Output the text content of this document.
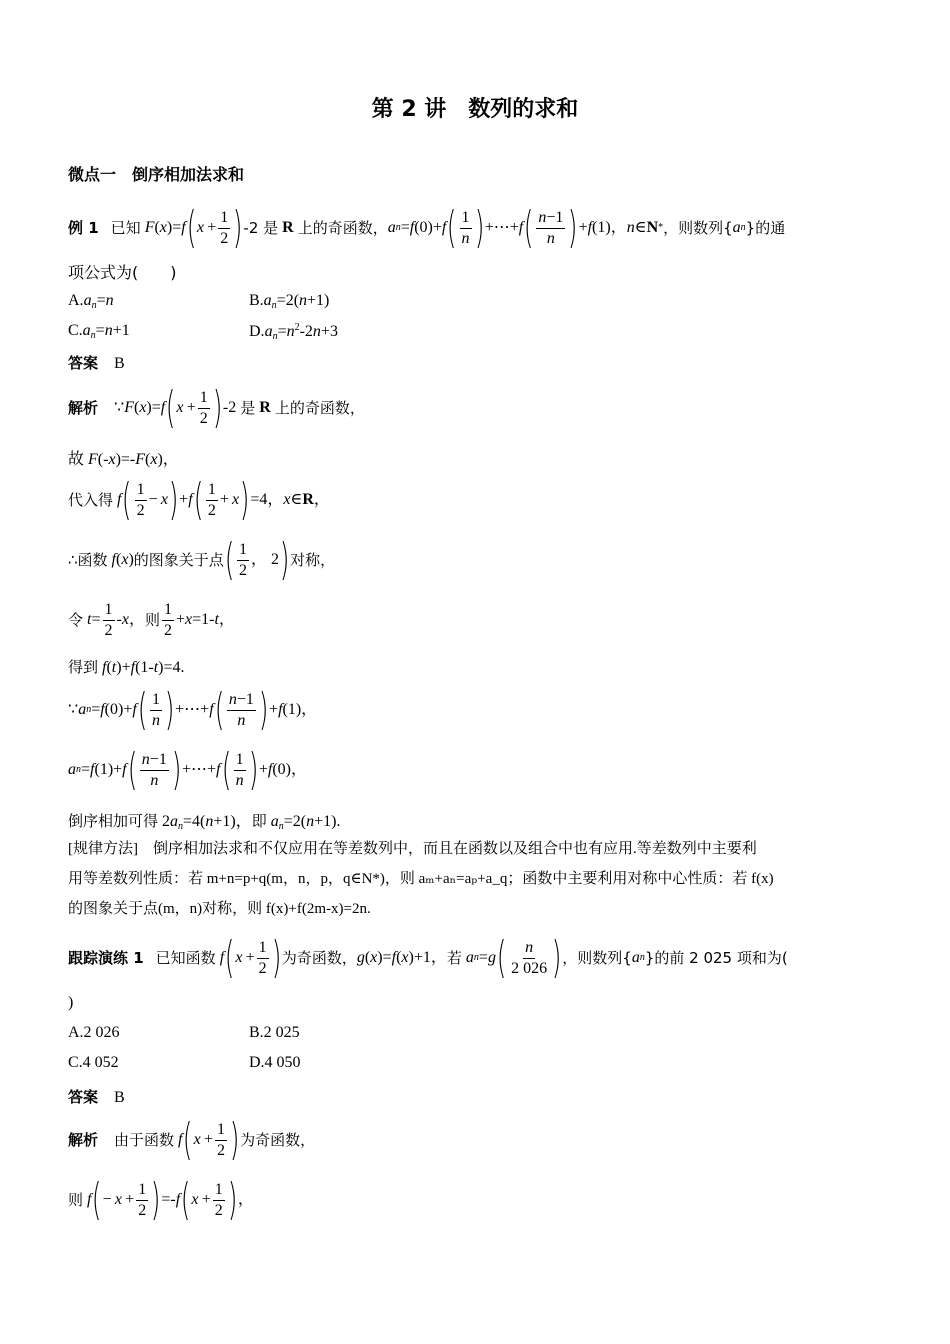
第 2 讲　数列的求和
微点一　倒序相加法求和
例 1 已知
F ( x )= f ( $x + \frac{1}{2}$ ) -2 是
R
上的奇函数， a n = f (0)+ f ( $\frac{1}{n}$ ) +⋯+ f ( $\frac{n-1}{n}$ ) + f (1)， n ∈ N * ，则数列{ a n }的通
项公式为(　　)
$A.a_n=n$	$B.a_n=2(n+1)$
$C.a_n=n+1$	$D.a_n=n^2-2n+3$
答案 B
解析 ∵ F ( x )= f ( $x + \frac{1}{2}$ ) -2 是
R
上的奇函数，
故 F(-x)=-F(x)，
代入得
f ( $\frac{1}{2} - x$ ) + f ( $\frac{1}{2} + x$ ) =4， x ∈ R ，
∴函数
f ( x ) 的图象关于点 ( $\frac{1}{2}$ ， 2 ) 对称，
令
$t = \frac{1}{2} - x$ ， 则 $\frac{1}{2} + x =1-$ t ，
得到 f(t)+f(1-t)=4.
∵ a n = f (0)+ f ( $\frac{1}{n}$ ) +⋯+ f ( $\frac{n-1}{n}$ ) + f (1)，
a n = f (1)+ f ( $\frac{n-1}{n}$ ) +⋯+ f ( $\frac{1}{n}$ ) + f (0)，
倒序相加可得 $2a_n=4(n+1)$，即 $a_n=2(n+1)$.
[规律方法]　 倒序相加法求和不仅应用在等差数列中，而且在函数以及组合中也有应用.等差数列中主要利
用等差数列性质：若 m+n=p+q(m，n，p，q∈N*)，则 aₘ+aₙ=aₚ+a_q；函数中主要利用对称中心性质：若 f(x)
的图象关于点(m，n)对称，则 f(x)+f(2m-x)=2n.
跟踪演练 1 已知函数
f ( $x + \frac{1}{2}$ ) 为奇函数， g ( x )= f ( x )+1， 若
a n = g ( $\frac{n}{2 026}$ ) ，则数列{ a n }的前 2 025 项和为(
)
A.2 026	B.2 025
C.4 052	D.4 050
答案 B
解析 由于函数
f ( $x + \frac{1}{2}$ ) 为奇函数，
则
f ( −  $x + \frac{1}{2}$ ) =- f ( $x + \frac{1}{2}$ ) ，
